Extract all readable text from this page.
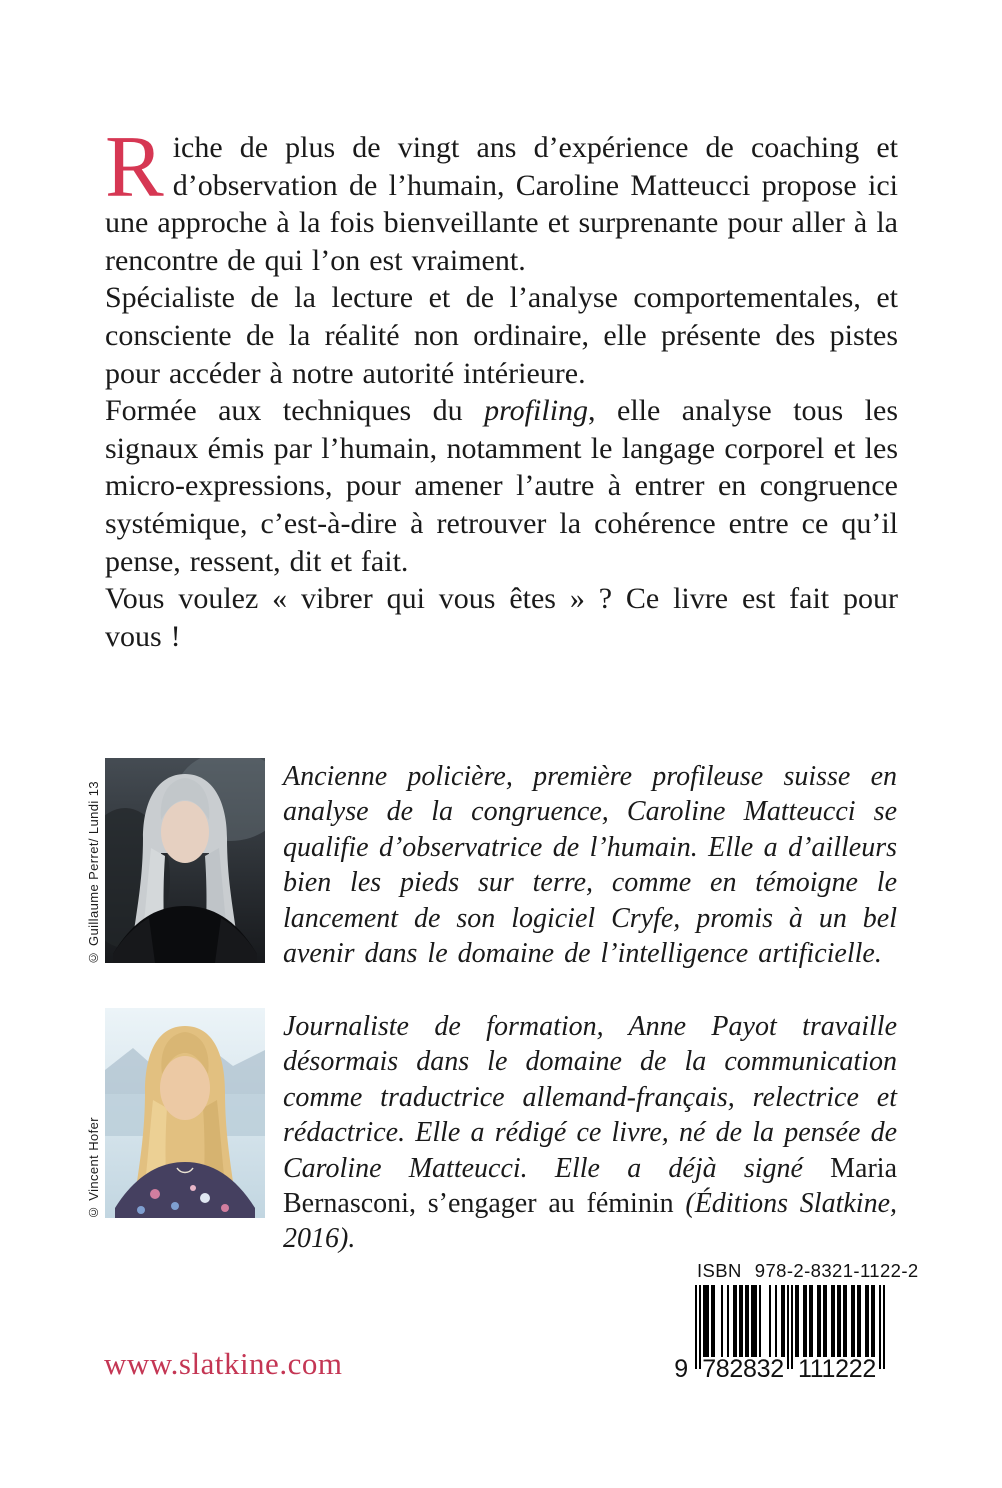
Riche de plus de vingt ans d’expérience de coaching et d’observation de l’humain, Caroline Matteucci propose ici une approche à la fois bienveillante et surprenante pour aller à la rencontre de qui l’on est vraiment.

Spécialiste de la lecture et de l’analyse comportementales, et consciente de la réalité non ordinaire, elle présente des pistes pour accéder à notre autorité intérieure.

Formée aux techniques du profiling, elle analyse tous les signaux émis par l’humain, notamment le langage corporel et les micro-expressions, pour amener l’autre à entrer en congruence systémique, c’est-à-dire à retrouver la cohérence entre ce qu’il pense, ressent, dit et fait.

Vous voulez « vibrer qui vous êtes » ? Ce livre est fait pour vous !

© Guillaume Perret/ Lundi 13

Ancienne policière, première profileuse suisse en analyse de la congruence, Caroline Matteucci se qualifie d’observatrice de l’humain. Elle a d’ailleurs bien les pieds sur terre, comme en témoigne le lancement de son logiciel Cryfe, promis à un bel avenir dans le domaine de l’intelligence artificielle.

© Vincent Hofer

Journaliste de formation, Anne Payot travaille désormais dans le domaine de la communication comme traductrice allemand-français, relectrice et rédactrice. Elle a rédigé ce livre, né de la pensée de Caroline Matteucci. Elle a déjà signé Maria Bernasconi, s’engager au féminin (Éditions Slatkine, 2016).

ISBN 978-2-8321-1122-2
9 782832 111222
www.slatkine.com
